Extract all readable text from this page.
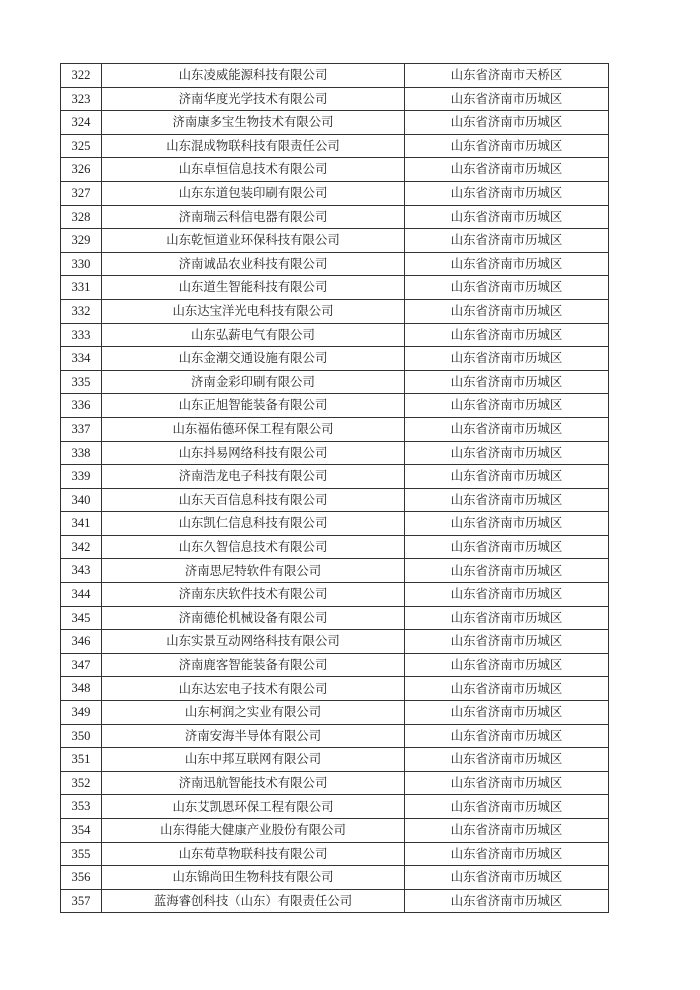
322	山东凌威能源科技有限公司	山东省济南市天桥区
323	济南华度光学技术有限公司	山东省济南市历城区
324	济南康多宝生物技术有限公司	山东省济南市历城区
325	山东混成物联科技有限责任公司	山东省济南市历城区
326	山东卓恒信息技术有限公司	山东省济南市历城区
327	山东东道包装印刷有限公司	山东省济南市历城区
328	济南瑞云科信电器有限公司	山东省济南市历城区
329	山东乾恒道业环保科技有限公司	山东省济南市历城区
330	济南诚品农业科技有限公司	山东省济南市历城区
331	山东道生智能科技有限公司	山东省济南市历城区
332	山东达宝洋光电科技有限公司	山东省济南市历城区
333	山东弘薪电气有限公司	山东省济南市历城区
334	山东金潮交通设施有限公司	山东省济南市历城区
335	济南金彩印刷有限公司	山东省济南市历城区
336	山东正旭智能装备有限公司	山东省济南市历城区
337	山东福佑德环保工程有限公司	山东省济南市历城区
338	山东抖易网络科技有限公司	山东省济南市历城区
339	济南浩龙电子科技有限公司	山东省济南市历城区
340	山东天百信息科技有限公司	山东省济南市历城区
341	山东凯仁信息科技有限公司	山东省济南市历城区
342	山东久智信息技术有限公司	山东省济南市历城区
343	济南思尼特软件有限公司	山东省济南市历城区
344	济南东庆软件技术有限公司	山东省济南市历城区
345	济南德伦机械设备有限公司	山东省济南市历城区
346	山东实景互动网络科技有限公司	山东省济南市历城区
347	济南鹿客智能装备有限公司	山东省济南市历城区
348	山东达宏电子技术有限公司	山东省济南市历城区
349	山东柯润之实业有限公司	山东省济南市历城区
350	济南安海半导体有限公司	山东省济南市历城区
351	山东中邦互联网有限公司	山东省济南市历城区
352	济南迅航智能技术有限公司	山东省济南市历城区
353	山东艾凯恩环保工程有限公司	山东省济南市历城区
354	山东得能大健康产业股份有限公司	山东省济南市历城区
355	山东荀草物联科技有限公司	山东省济南市历城区
356	山东锦尚田生物科技有限公司	山东省济南市历城区
357	蓝海睿创科技（山东）有限责任公司	山东省济南市历城区
